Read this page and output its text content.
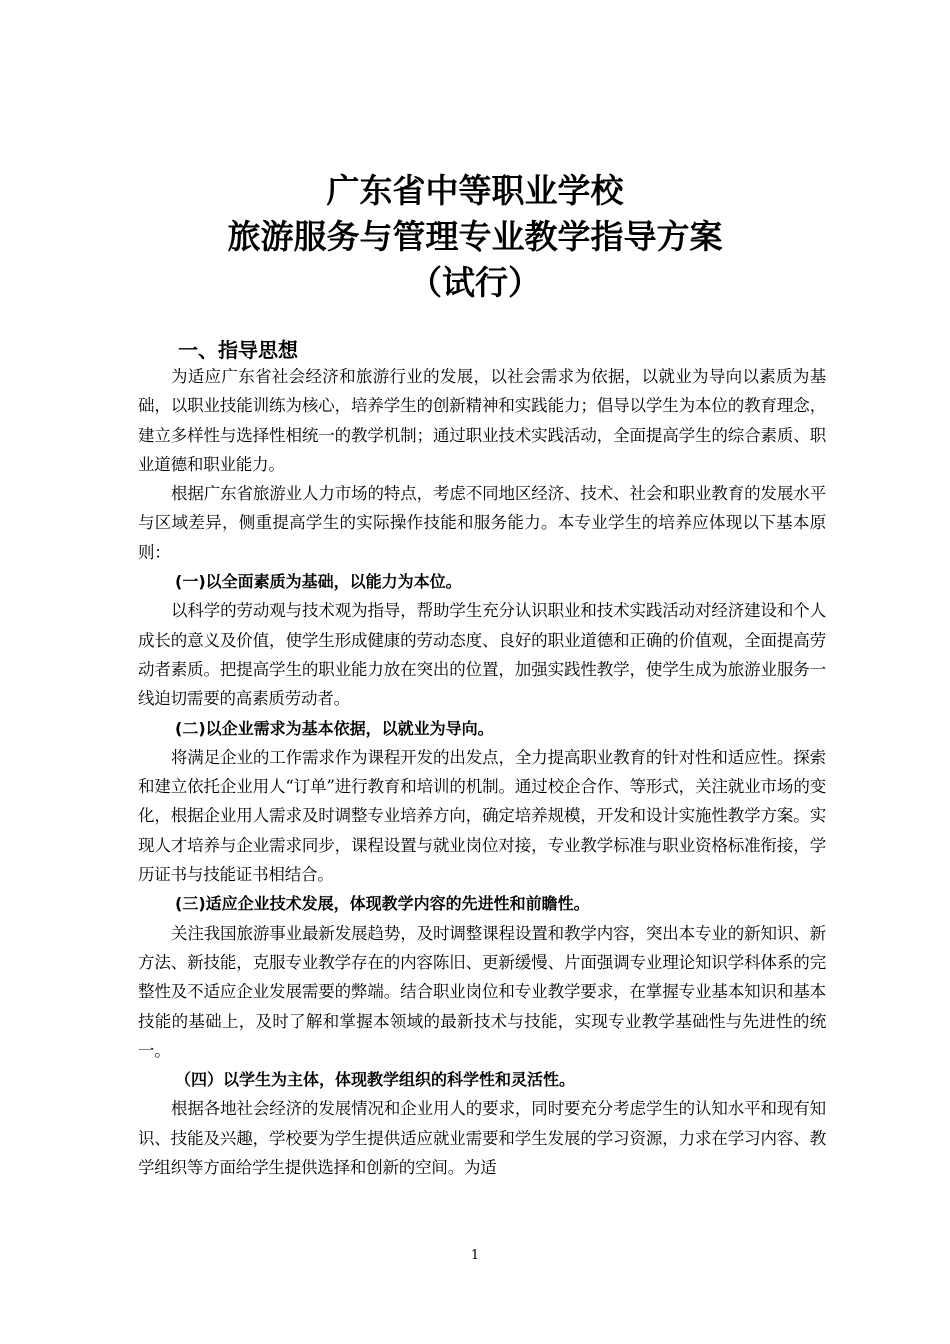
广东省中等职业学校
旅游服务与管理专业教学指导方案
（试行）
一、指导思想

为适应广东省社会经济和旅游行业的发展，以社会需求为依据，以就业为导向以素质为基础，以职业技能训练为核心，培养学生的创新精神和实践能力；倡导以学生为本位的教育理念，建立多样性与选择性相统一的教学机制；通过职业技术实践活动，全面提高学生的综合素质、职业道德和职业能力。

根据广东省旅游业人力市场的特点，考虑不同地区经济、技术、社会和职业教育的发展水平与区域差异，侧重提高学生的实际操作技能和服务能力。本专业学生的培养应体现以下基本原则：

(一)以全面素质为基础，以能力为本位。

以科学的劳动观与技术观为指导，帮助学生充分认识职业和技术实践活动对经济建设和个人成长的意义及价值，使学生形成健康的劳动态度、良好的职业道德和正确的价值观，全面提高劳动者素质。把提高学生的职业能力放在突出的位置，加强实践性教学，使学生成为旅游业服务一线迫切需要的高素质劳动者。

(二)以企业需求为基本依据，以就业为导向。

将满足企业的工作需求作为课程开发的出发点，全力提高职业教育的针对性和适应性。探索和建立依托企业用人“订单”进行教育和培训的机制。通过校企合作、等形式，关注就业市场的变化，根据企业用人需求及时调整专业培养方向，确定培养规模，开发和设计实施性教学方案。实现人才培养与企业需求同步，课程设置与就业岗位对接，专业教学标准与职业资格标准衔接，学历证书与技能证书相结合。

(三)适应企业技术发展，体现教学内容的先进性和前瞻性。

关注我国旅游事业最新发展趋势，及时调整课程设置和教学内容，突出本专业的新知识、新方法、新技能，克服专业教学存在的内容陈旧、更新缓慢、片面强调专业理论知识学科体系的完整性及不适应企业发展需要的弊端。结合职业岗位和专业教学要求，在掌握专业基本知识和基本技能的基础上，及时了解和掌握本领域的最新技术与技能，实现专业教学基础性与先进性的统一。

（四）以学生为主体，体现教学组织的科学性和灵活性。

根据各地社会经济的发展情况和企业用人的要求，同时要充分考虑学生的认知水平和现有知识、技能及兴趣，学校要为学生提供适应就业需要和学生发展的学习资源，力求在学习内容、教学组织等方面给学生提供选择和创新的空间。为适

1
